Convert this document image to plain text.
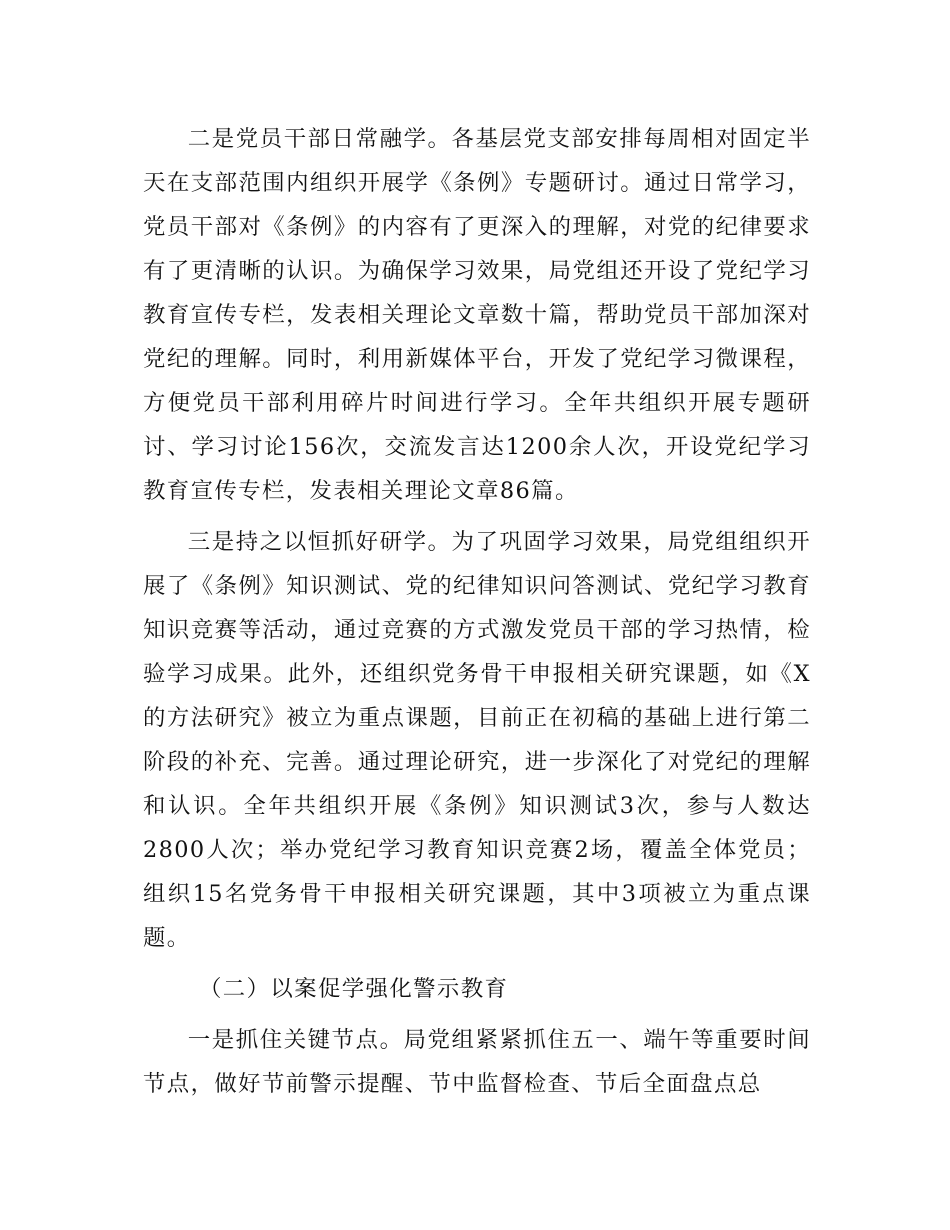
二是党员干部日常融学。各基层党支部安排每周相对固定半天在支部范围内组织开展学《条例》专题研讨。通过日常学习，党员干部对《条例》的内容有了更深入的理解，对党的纪律要求有了更清晰的认识。为确保学习效果，局党组还开设了党纪学习教育宣传专栏，发表相关理论文章数十篇，帮助党员干部加深对党纪的理解。同时，利用新媒体平台，开发了党纪学习微课程，方便党员干部利用碎片时间进行学习。全年共组织开展专题研讨、学习讨论156次，交流发言达1200余人次，开设党纪学习教育宣传专栏，发表相关理论文章86篇。

三是持之以恒抓好研学。为了巩固学习效果，局党组组织开展了《条例》知识测试、党的纪律知识问答测试、党纪学习教育知识竞赛等活动，通过竞赛的方式激发党员干部的学习热情，检验学习成果。此外，还组织党务骨干申报相关研究课题，如《X的方法研究》被立为重点课题，目前正在初稿的基础上进行第二阶段的补充、完善。通过理论研究，进一步深化了对党纪的理解和认识。全年共组织开展《条例》知识测试3次，参与人数达2800人次；举办党纪学习教育知识竞赛2场，覆盖全体党员；组织15名党务骨干申报相关研究课题，其中3项被立为重点课题。

（二）以案促学强化警示教育

一是抓住关键节点。局党组紧紧抓住五一、端午等重要时间节点，做好节前警示提醒、节中监督检查、节后全面盘点总
